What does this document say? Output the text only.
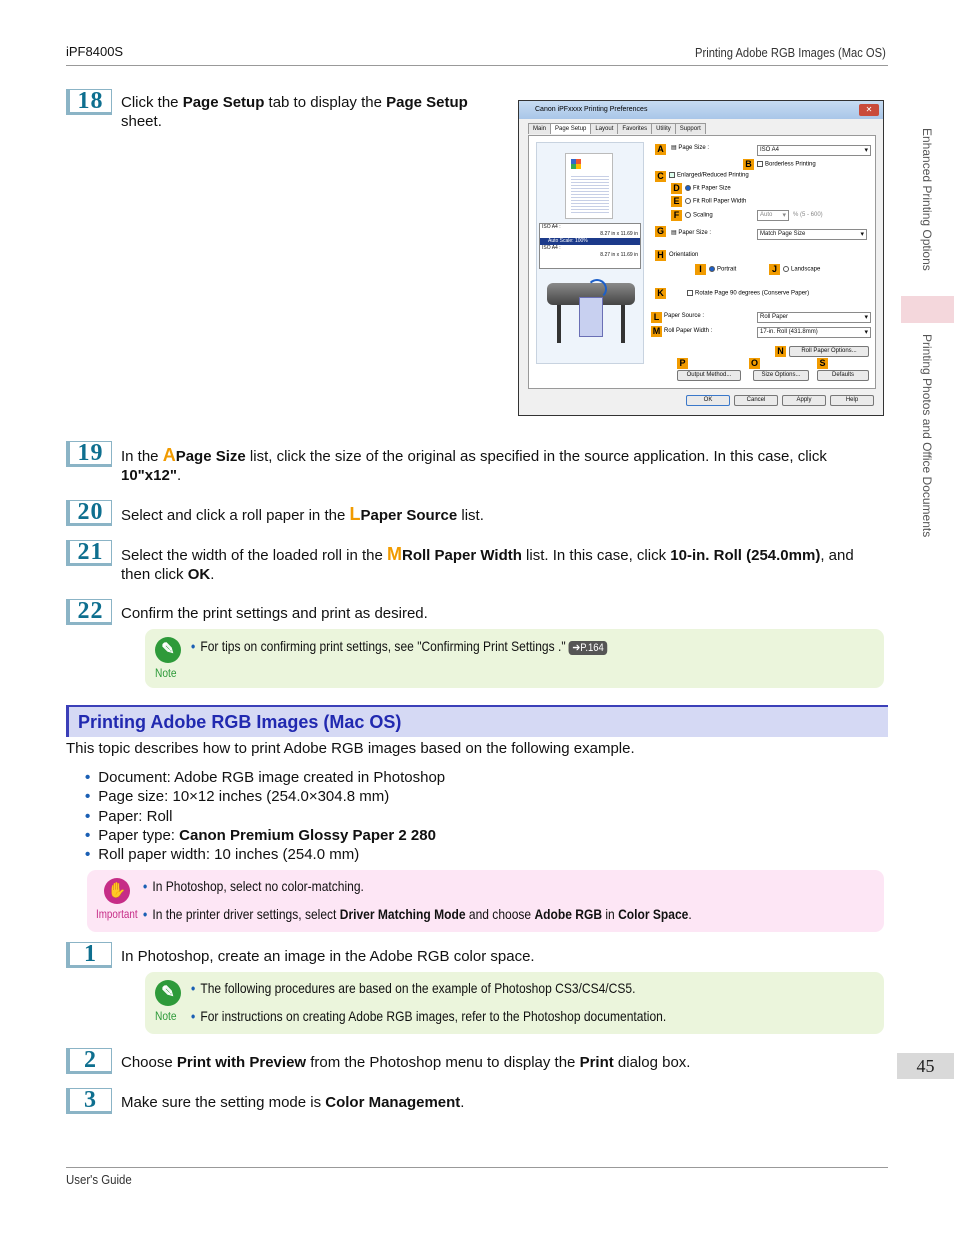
iPF8400S	Printing Adobe RGB Images (Mac OS)
User's Guide
Enhanced Printing Options
Printing Photos and Office Documents
45
18	Click the Page Setup tab to display the Page Setup
sheet.
Canon iPFxxxx Printing Preferences	✕
Main Page Setup Layout Favorites Utility Support
ISO A4 :
8.27 in x 11.69 in
Auto Scale: 100%
ISO A4 :
8.27 in x 11.69 in
A	▤ Page Size :	ISO A4 ▾
B	Borderless Printing
C	Enlarged/Reduced Printing
D	Fit Paper Size
E	Fit Roll Paper Width
F	Scaling	Auto ▾	% (5 - 600)
G	▤ Paper Size :	Match Page Size ▾
H Orientation
I	Portrait	J	Landscape
K	Rotate Page 90 degrees (Conserve Paper)
L Paper Source :	Roll Paper ▾
M Roll Paper Width :	17-in. Roll (431.8mm) ▾
N	Roll Paper Options...
P	O	S
Output Method...	Size Options...	Defaults
OK	Cancel	Apply	Help
19	In the APage Size list, click the size of the original as specified in the source application. In this case, click
10"x12".
20	Select and click a roll paper in the LPaper Source list.
21	Select the width of the loaded roll in the MRoll Paper Width list. In this case, click 10-in. Roll (254.0mm), and
then click OK.
22	Confirm the print settings and print as desired.
✎
Note
• For tips on confirming print settings, see "Confirming Print Settings ." ➔P.164
Printing Adobe RGB Images (Mac OS)
This topic describes how to print Adobe RGB images based on the following example.
• Document: Adobe RGB image created in Photoshop
• Page size: 10×12 inches (254.0×304.8 mm)
• Paper: Roll
• Paper type: Canon Premium Glossy Paper 2 280
• Roll paper width: 10 inches (254.0 mm)
✋
Important
• In Photoshop, select no color-matching.
• In the printer driver settings, select Driver Matching Mode and choose Adobe RGB in Color Space.
1	In Photoshop, create an image in the Adobe RGB color space.
✎
Note
• The following procedures are based on the example of Photoshop CS3/CS4/CS5.
• For instructions on creating Adobe RGB images, refer to the Photoshop documentation.
2	Choose Print with Preview from the Photoshop menu to display the Print dialog box.
3	Make sure the setting mode is Color Management.
